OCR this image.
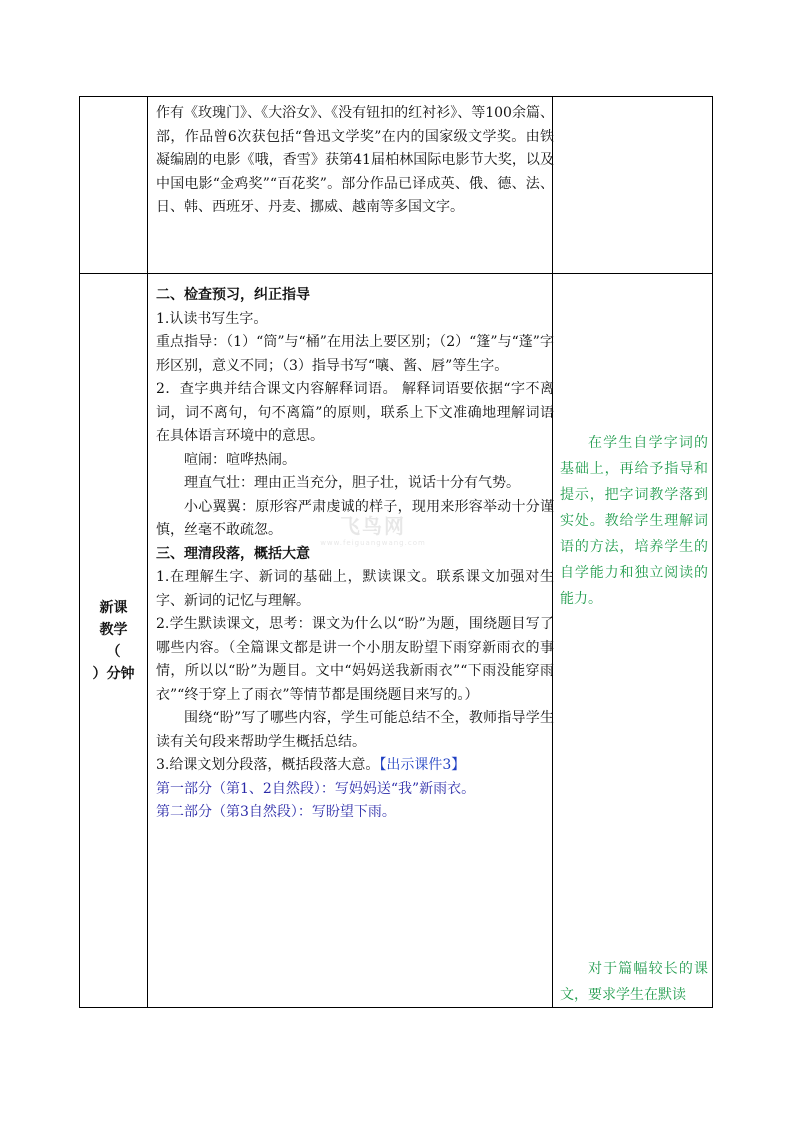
作有《玫瑰门》、《大浴女》、《没有钮扣的红衬衫》、等100余篇、部，作品曾6次获包括“鲁迅文学奖”在内的国家级文学奖。由铁凝编剧的电影《哦，香雪》获第41届柏林国际电影节大奖，以及中国电影“金鸡奖”“百花奖”。部分作品已译成英、俄、德、法、日、韩、西班牙、丹麦、挪威、越南等多国文字。

新课
教学
（
）分钟

二、检查预习，纠正指导

1.认读书写生字。

重点指导：（1）“筒”与“桶”在用法上要区别；（2）“篷”与“蓬”字形区别，意义不同；（3）指导书写“嚷、酱、唇”等生字。

2．查字典并结合课文内容解释词语。 解释词语要依据“字不离词，词不离句，句不离篇”的原则，联系上下文准确地理解词语在具体语言环境中的意思。

喧闹：喧哗热闹。

理直气壮：理由正当充分，胆子壮，说话十分有气势。

小心翼翼：原形容严肃虔诚的样子，现用来形容举动十分谨慎，丝毫不敢疏忽。

三、理清段落，概括大意

1.在理解生字、新词的基础上，默读课文。联系课文加强对生字、新词的记忆与理解。

2.学生默读课文，思考：课文为什么以“盼”为题，围绕题目写了哪些内容。（全篇课文都是讲一个小朋友盼望下雨穿新雨衣的事情，所以以“盼”为题目。文中“妈妈送我新雨衣”“下雨没能穿雨衣”“终于穿上了雨衣”等情节都是围绕题目来写的。）

围绕“盼”写了哪些内容，学生可能总结不全，教师指导学生读有关句段来帮助学生概括总结。

3.给课文划分段落，概括段落大意。【出示课件3】

第一部分（第1、2自然段）：写妈妈送“我”新雨衣。

第二部分（第3自然段）：写盼望下雨。

在学生自学字词的基础上，再给予指导和提示，把字词教学落到实处。教给学生理解词语的方法，培养学生的自学能力和独立阅读的能力。

对于篇幅较长的课文，要求学生在默读

飞鸟网
www.feiguangwang.com
